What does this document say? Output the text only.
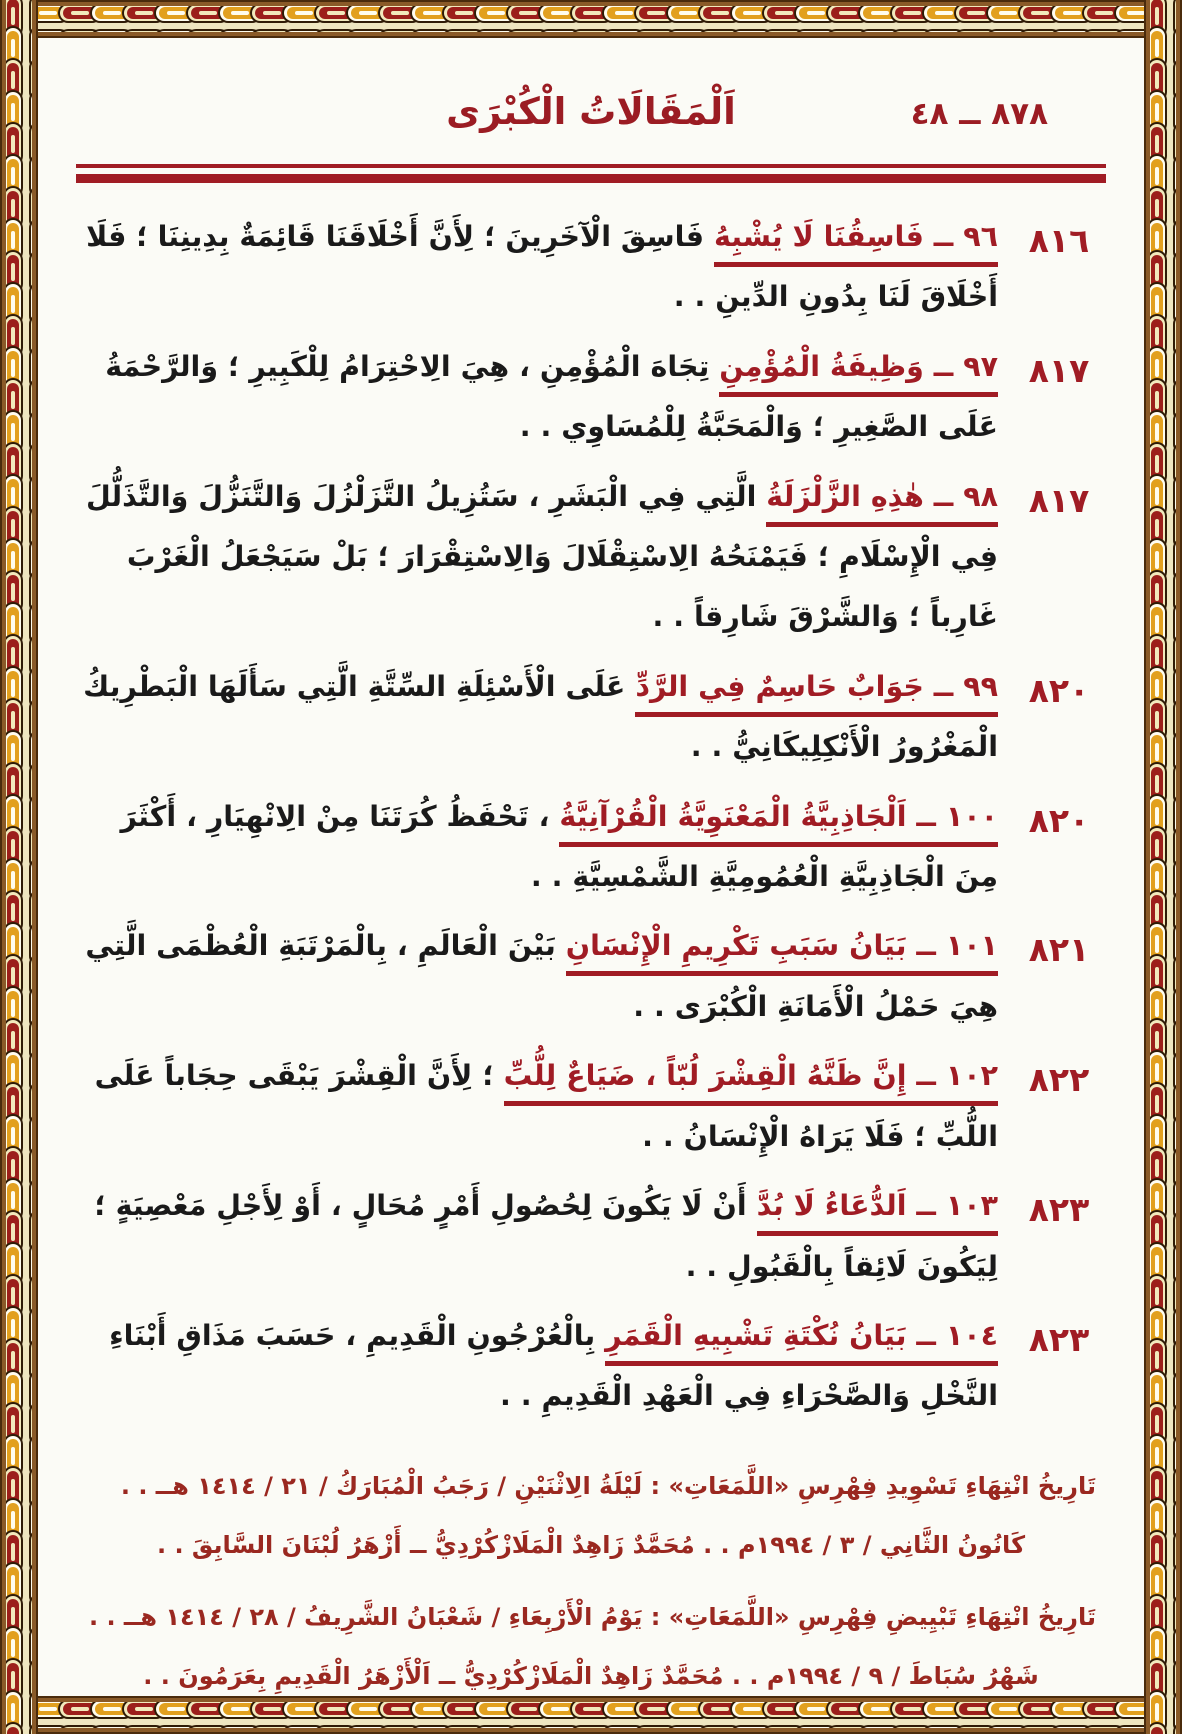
اَلْمَقَالَاتُ الْكُبْرَى	٨٧٨ ــ ٤٨
٨١٦
٩٦ ــ فَاسِقُنَا لَا يُشْبِهُ فَاسِقَ الْآخَرِينَ ؛ لِأَنَّ أَخْلَاقَنَا قَائِمَةٌ بِدِينِنَا ؛ فَلَا أَخْلَاقَ لَنَا بِدُونِ الدِّينِ . .
٨١٧
٩٧ ــ وَظِيفَةُ الْمُؤْمِنِ تِجَاهَ الْمُؤْمِنِ ، هِيَ الِاحْتِرَامُ لِلْكَبِيرِ ؛ وَالرَّحْمَةُ عَلَى الصَّغِيرِ ؛ وَالْمَحَبَّةُ لِلْمُسَاوِي . .
٨١٧
٩٨ ــ هٰذِهِ الزَّلْزَلَةُ الَّتِي فِي الْبَشَرِ ، سَتُزِيلُ التَّزَلْزُلَ وَالتَّنَزُّلَ وَالتَّذَلُّلَ فِي الْإِسْلَامِ ؛ فَيَمْنَحُهُ الِاسْتِقْلَالَ وَالِاسْتِقْرَارَ ؛ بَلْ سَيَجْعَلُ الْغَرْبَ غَارِباً ؛ وَالشَّرْقَ شَارِقاً . .
٨٢٠
٩٩ ــ جَوَابٌ حَاسِمٌ فِي الرَّدِّ عَلَى الْأَسْئِلَةِ السِّتَّةِ الَّتِي سَأَلَهَا الْبَطْرِيكُ الْمَغْرُورُ الْأَنْكِلِيكَانِيُّ . .
٨٢٠
١٠٠ ــ اَلْجَاذِبِيَّةُ الْمَعْنَوِيَّةُ الْقُرْآنِيَّةُ ، تَحْفَظُ كُرَتَنَا مِنْ الِانْهِيَارِ ، أَكْثَرَ مِنَ الْجَاذِبِيَّةِ الْعُمُومِيَّةِ الشَّمْسِيَّةِ . .
٨٢١
١٠١ ــ بَيَانُ سَبَبِ تَكْرِيمِ الْإِنْسَانِ بَيْنَ الْعَالَمِ ، بِالْمَرْتَبَةِ الْعُظْمَى الَّتِي هِيَ حَمْلُ الْأَمَانَةِ الْكُبْرَى . .
٨٢٢
١٠٢ ــ إِنَّ ظَنَّهُ الْقِشْرَ لُبّاً ، ضَيَاعٌ لِلُّبِّ ؛ لِأَنَّ الْقِشْرَ يَبْقَى حِجَاباً عَلَى اللُّبِّ ؛ فَلَا يَرَاهُ الْإِنْسَانُ . .
٨٢٣
١٠٣ ــ اَلدُّعَاءُ لَا بُدَّ أَنْ لَا يَكُونَ لِحُصُولِ أَمْرٍ مُحَالٍ ، أَوْ لِأَجْلِ مَعْصِيَةٍ ؛ لِيَكُونَ لَائِقاً بِالْقَبُولِ . .
٨٢٣
١٠٤ ــ بَيَانُ نُكْتَةِ تَشْبِيهِ الْقَمَرِ بِالْعُرْجُونِ الْقَدِيمِ ، حَسَبَ مَذَاقِ أَبْنَاءِ النَّخْلِ وَالصَّحْرَاءِ فِي الْعَهْدِ الْقَدِيمِ . .
تَارِيخُ انْتِهَاءِ تَسْوِيدِ فِهْرِسِ «اللَّمَعَاتِ» : لَيْلَةُ الِاثْنَيْنِ / رَجَبُ الْمُبَارَكُ / ٢١ / ١٤١٤ هــ . .
كَانُونُ الثَّانِي / ٣ / ١٩٩٤م . . مُحَمَّدٌ زَاهِدٌ الْمَلَازْكُرْدِيُّ ــ أَزْهَرُ لُبْنَانَ السَّابِقَ . .
تَارِيخُ انْتِهَاءِ تَبْيِيضِ فِهْرِسِ «اللَّمَعَاتِ» : يَوْمُ الْأَرْبِعَاءِ / شَعْبَانُ الشَّرِيفُ / ٢٨ / ١٤١٤ هــ . .
شَهْرُ سُبَاطَ / ٩ / ١٩٩٤م . . مُحَمَّدٌ زَاهِدٌ الْمَلَازْكُرْدِيُّ ــ اَلْأَزْهَرُ الْقَدِيمِ بِعَرَمُونَ . .
